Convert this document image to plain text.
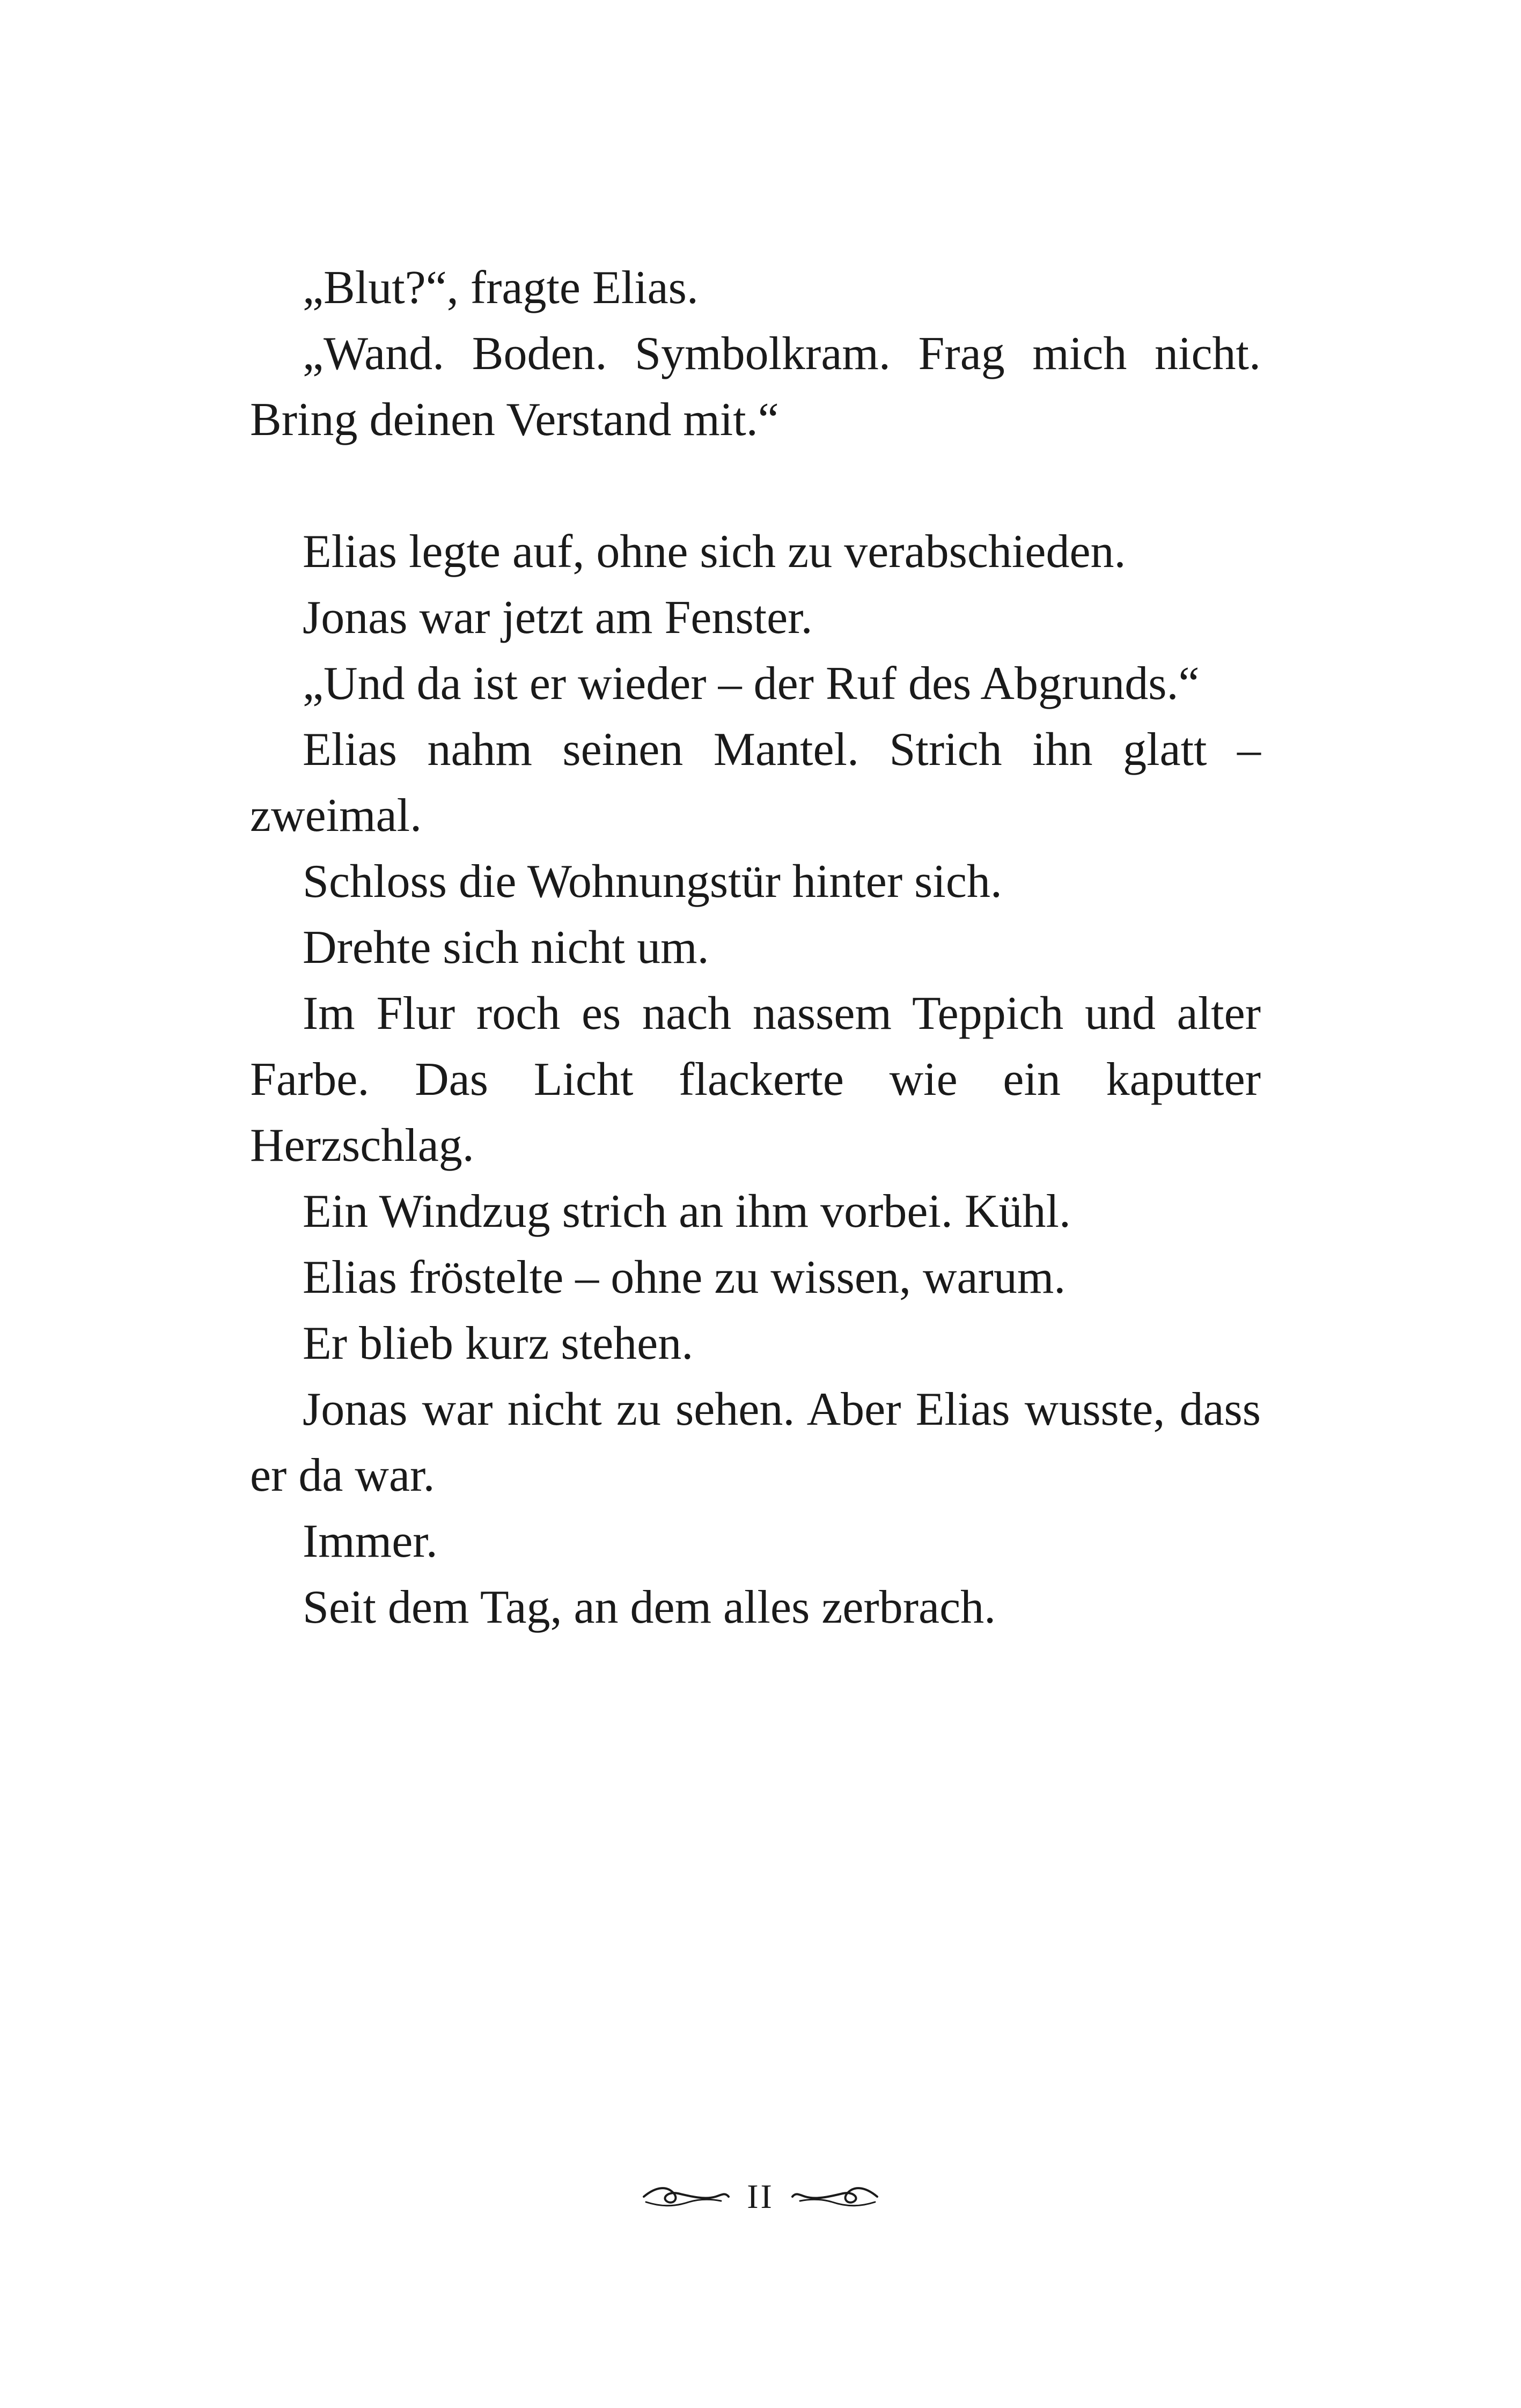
„Blut?“, fragte Elias.

„Wand. Boden. Symbolkram. Frag mich nicht. Bring deinen Verstand mit.“

Elias legte auf, ohne sich zu verabschieden.

Jonas war jetzt am Fenster.

„Und da ist er wieder – der Ruf des Abgrunds.“

Elias nahm seinen Mantel. Strich ihn glatt – zweimal.

Schloss die Wohnungstür hinter sich.

Drehte sich nicht um.

Im Flur roch es nach nassem Teppich und alter Farbe. Das Licht flackerte wie ein kaputter Herzschlag.

Ein Windzug strich an ihm vorbei. Kühl.

Elias fröstelte – ohne zu wissen, warum.

Er blieb kurz stehen.

Jonas war nicht zu sehen. Aber Elias wusste, dass er da war.

Immer.

Seit dem Tag, an dem alles zerbrach.

II
